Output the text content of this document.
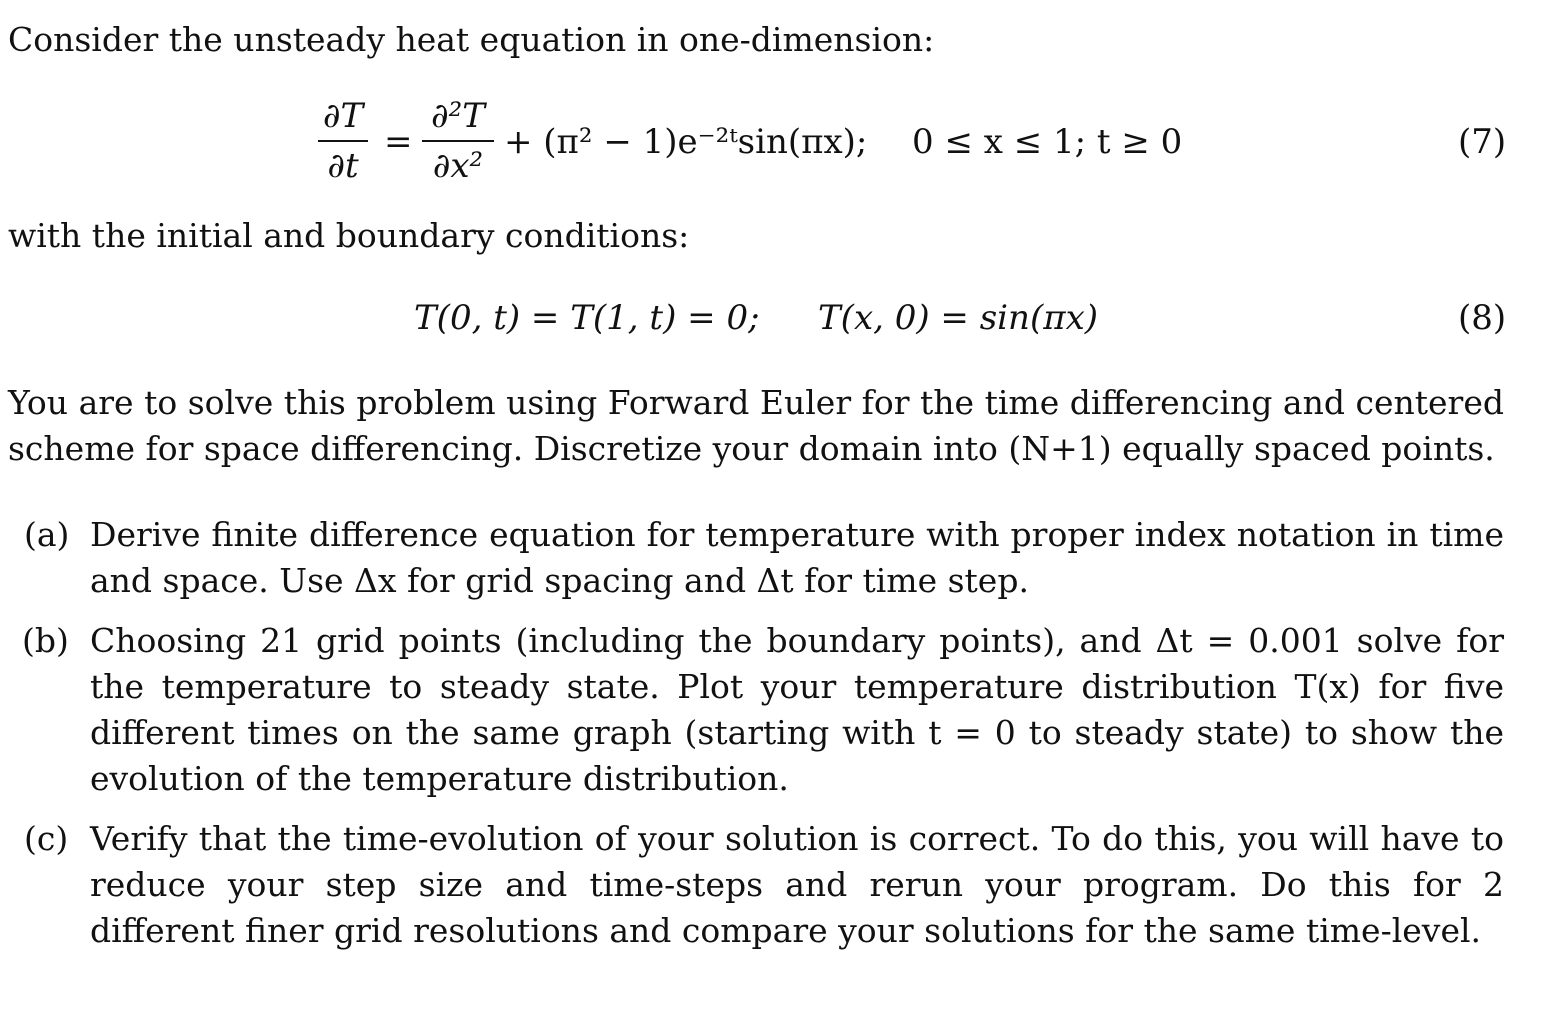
Consider the unsteady heat equation in one-dimension:
∂T
∂t
=
∂²T
∂x²
+ (π² − 1)e⁻²ᵗsin(πx); 0 ≤ x ≤ 1; t ≥ 0	(7)
with the initial and boundary conditions:
T(0, t) = T(1, t) = 0; T(x, 0) = sin(πx)	(8)
You are to solve this problem using Forward Euler for the time differencing and centered scheme for space differencing. Discretize your domain into (N+1) equally spaced points.
(a) Derive finite difference equation for temperature with proper index notation in time and space. Use Δx for grid spacing and Δt for time step.
(b) Choosing 21 grid points (including the boundary points), and Δt = 0.001 solve for the temperature to steady state. Plot your temperature distribution T(x) for five different times on the same graph (starting with t = 0 to steady state) to show the evolution of the temperature distribution.
(c) Verify that the time-evolution of your solution is correct. To do this, you will have to reduce your step size and time-steps and rerun your program. Do this for 2 different finer grid resolutions and compare your solutions for the same time-level.
